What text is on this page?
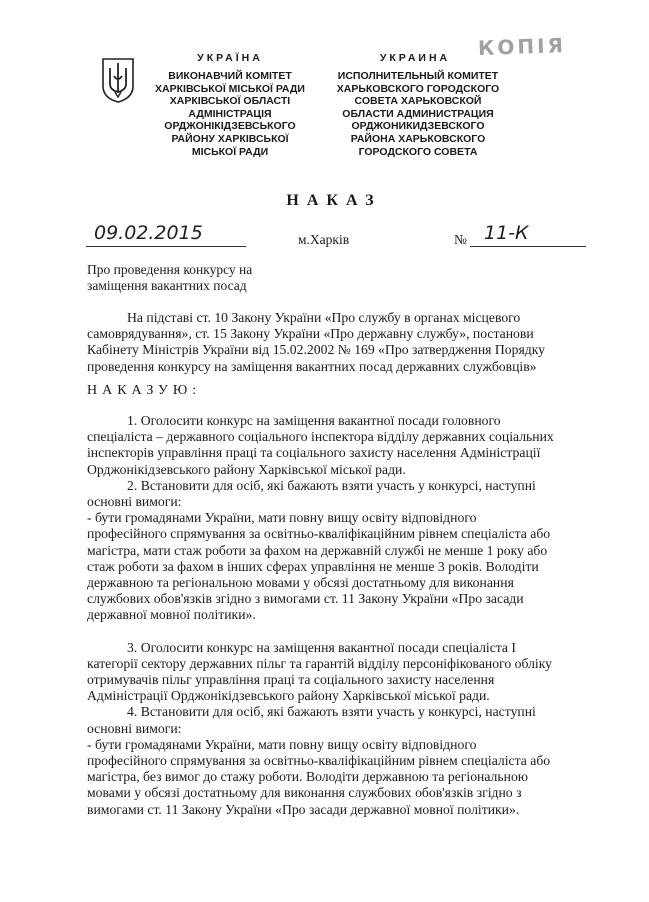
УКРАЇНА
ВИКОНАВЧИЙ КОМІТЕТ
ХАРКІВСЬКОЇ МІСЬКОЇ РАДИ
ХАРКІВСЬКОЇ ОБЛАСТІ
АДМІНІСТРАЦІЯ
ОРДЖОНІКІДЗЕВСЬКОГО
РАЙОНУ ХАРКІВСЬКОЇ
МІСЬКОЇ РАДИ
УКРАИНА
ИСПОЛНИТЕЛЬНЫЙ КОМИТЕТ
ХАРЬКОВСКОГО ГОРОДСКОГО
СОВЕТА ХАРЬКОВСКОЙ
ОБЛАСТИ АДМИНИСТРАЦИЯ
ОРДЖОНИКИДЗЕВСКОГО
РАЙОНА ХАРЬКОВСКОГО
ГОРОДСКОГО СОВЕТА
КОПІЯ
НАКАЗ
09.02.2015	м.Харків	№ 11-К
Про проведення конкурсу на
заміщення вакантних посад
На підставі ст. 10 Закону України «Про службу в органах місцевого
самоврядування», ст. 15 Закону України «Про державну службу», постанови
Кабінету Міністрів України від 15.02.2002 № 169 «Про затвердження Порядку
проведення конкурсу на заміщення вакантних посад державних службовців»
НАКАЗУЮ:
1. Оголосити конкурс на заміщення вакантної посади головного
спеціаліста – державного соціального інспектора відділу державних соціальних
інспекторів управління праці та соціального захисту населення Адміністрації
Орджонікідзевського району Харківської міської ради.
2. Встановити для осіб, які бажають взяти участь у конкурсі, наступні
основні вимоги:
- бути громадянами України, мати повну вищу освіту відповідного
професійного спрямування за освітньо-кваліфікаційним рівнем спеціаліста або
магістра, мати стаж роботи за фахом на державній службі не менше 1 року або
стаж роботи за фахом в інших сферах управління не менше 3 років. Володіти
державною та регіональною мовами у обсязі достатньому для виконання
службових обов'язків згідно з вимогами ст. 11 Закону України «Про засади
державної мовної політики».
3. Оголосити конкурс на заміщення вакантної посади спеціаліста I
категорії сектору державних пільг та гарантій відділу персоніфікованого обліку
отримувачів пільг управління праці та соціального захисту населення
Адміністрації Орджонікідзевського району Харківської міської ради.
4. Встановити для осіб, які бажають взяти участь у конкурсі, наступні
основні вимоги:
- бути громадянами України, мати повну вищу освіту відповідного
професійного спрямування за освітньо-кваліфікаційним рівнем спеціаліста або
магістра, без вимог до стажу роботи. Володіти державною та регіональною
мовами у обсязі достатньому для виконання службових обов'язків згідно з
вимогами ст. 11 Закону України «Про засади державної мовної політики».
